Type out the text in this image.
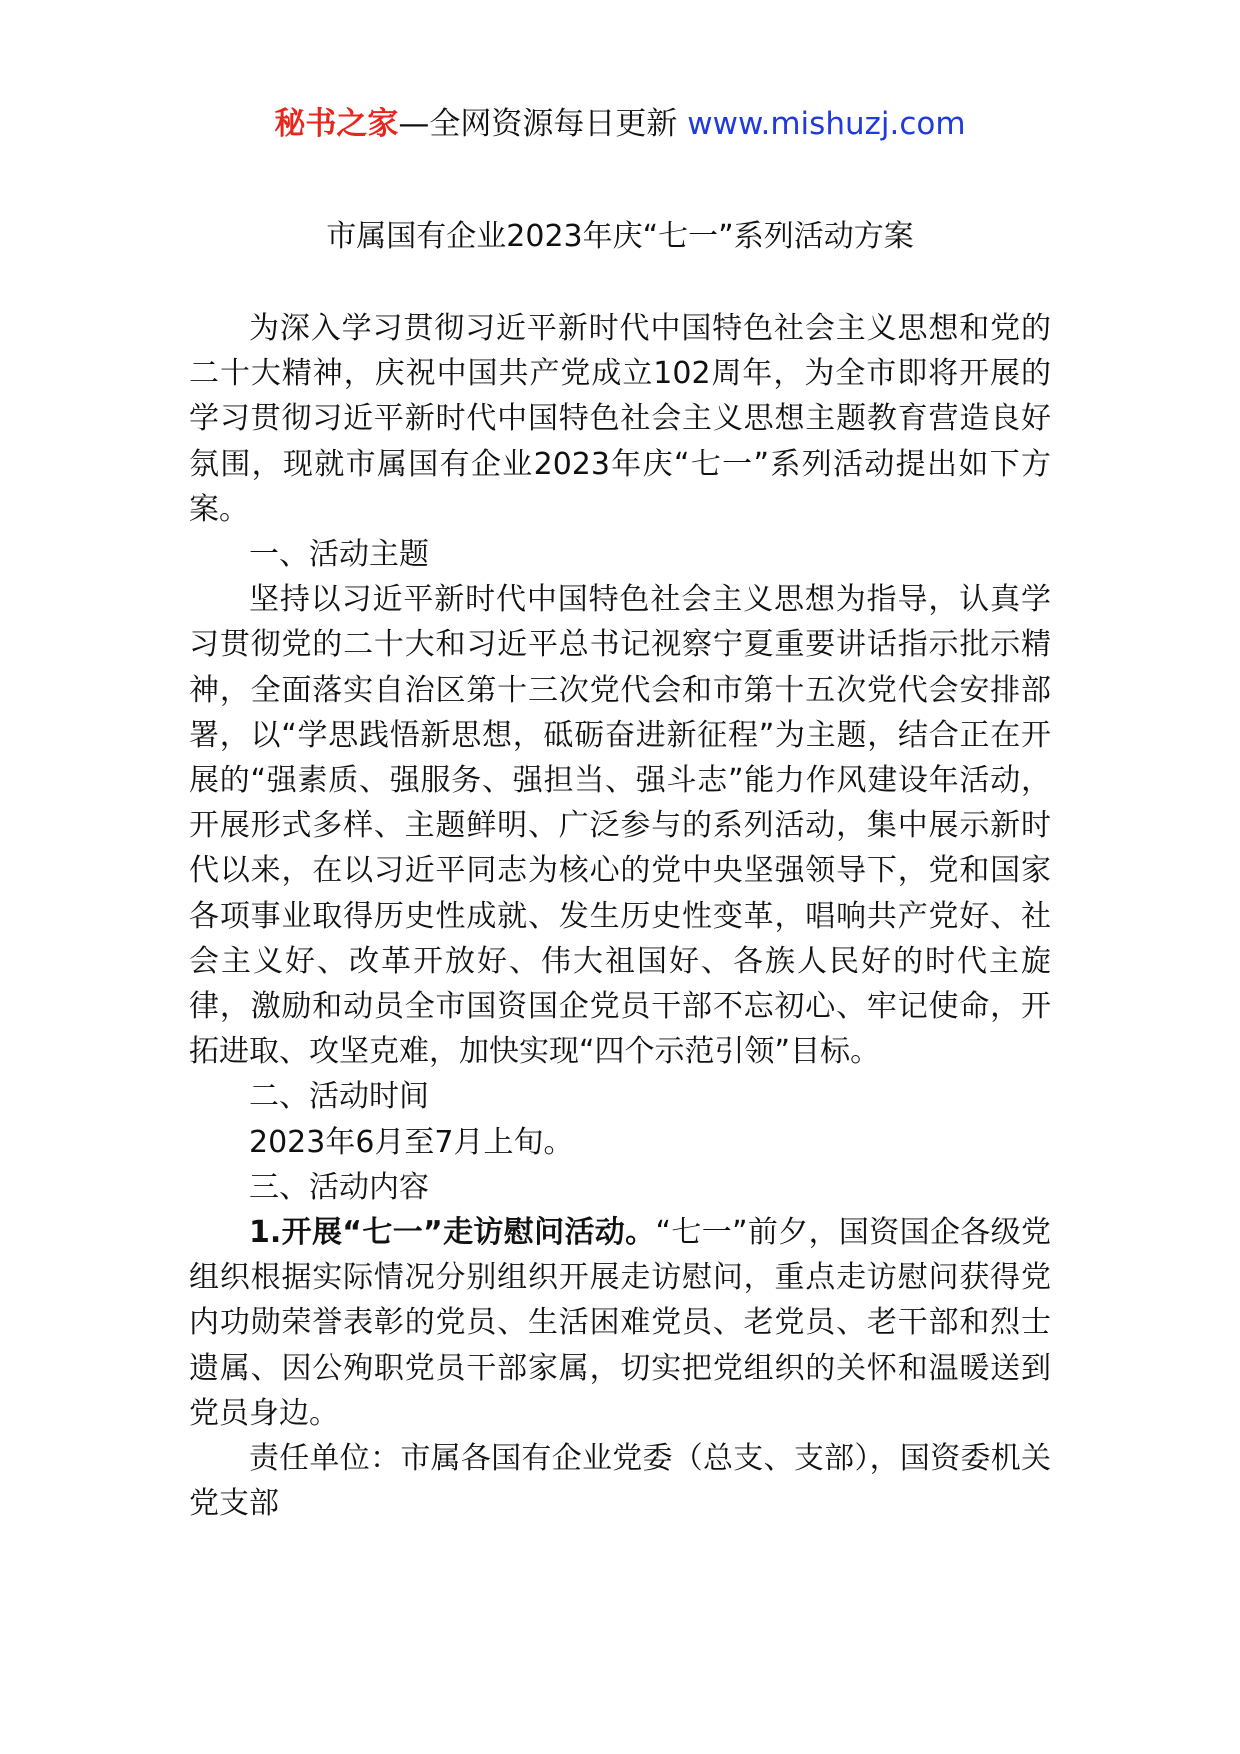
秘书之家—全网资源每日更新 www.mishuzj.com
市属国有企业2023年庆“七一”系列活动方案

为深入学习贯彻习近平新时代中国特色社会主义思想和党的二十大精神，庆祝中国共产党成立102周年，为全市即将开展的学习贯彻习近平新时代中国特色社会主义思想主题教育营造良好氛围，现就市属国有企业2023年庆“七一”系列活动提出如下方案。

一、活动主题

坚持以习近平新时代中国特色社会主义思想为指导，认真学习贯彻党的二十大和习近平总书记视察宁夏重要讲话指示批示精神，全面落实自治区第十三次党代会和市第十五次党代会安排部署，以“学思践悟新思想，砥砺奋进新征程”为主题，结合正在开展的“强素质、强服务、强担当、强斗志”能力作风建设年活动，开展形式多样、主题鲜明、广泛参与的系列活动，集中展示新时代以来，在以习近平同志为核心的党中央坚强领导下，党和国家各项事业取得历史性成就、发生历史性变革，唱响共产党好、社会主义好、改革开放好、伟大祖国好、各族人民好的时代主旋律，激励和动员全市国资国企党员干部不忘初心、牢记使命，开拓进取、攻坚克难，加快实现“四个示范引领”目标。

二、活动时间

2023年6月至7月上旬。

三、活动内容

1.开展“七一”走访慰问活动。“七一”前夕，国资国企各级党组织根据实际情况分别组织开展走访慰问，重点走访慰问获得党内功勋荣誉表彰的党员、生活困难党员、老党员、老干部和烈士遗属、因公殉职党员干部家属，切实把党组织的关怀和温暖送到党员身边。

责任单位：市属各国有企业党委（总支、支部），国资委机关党支部
